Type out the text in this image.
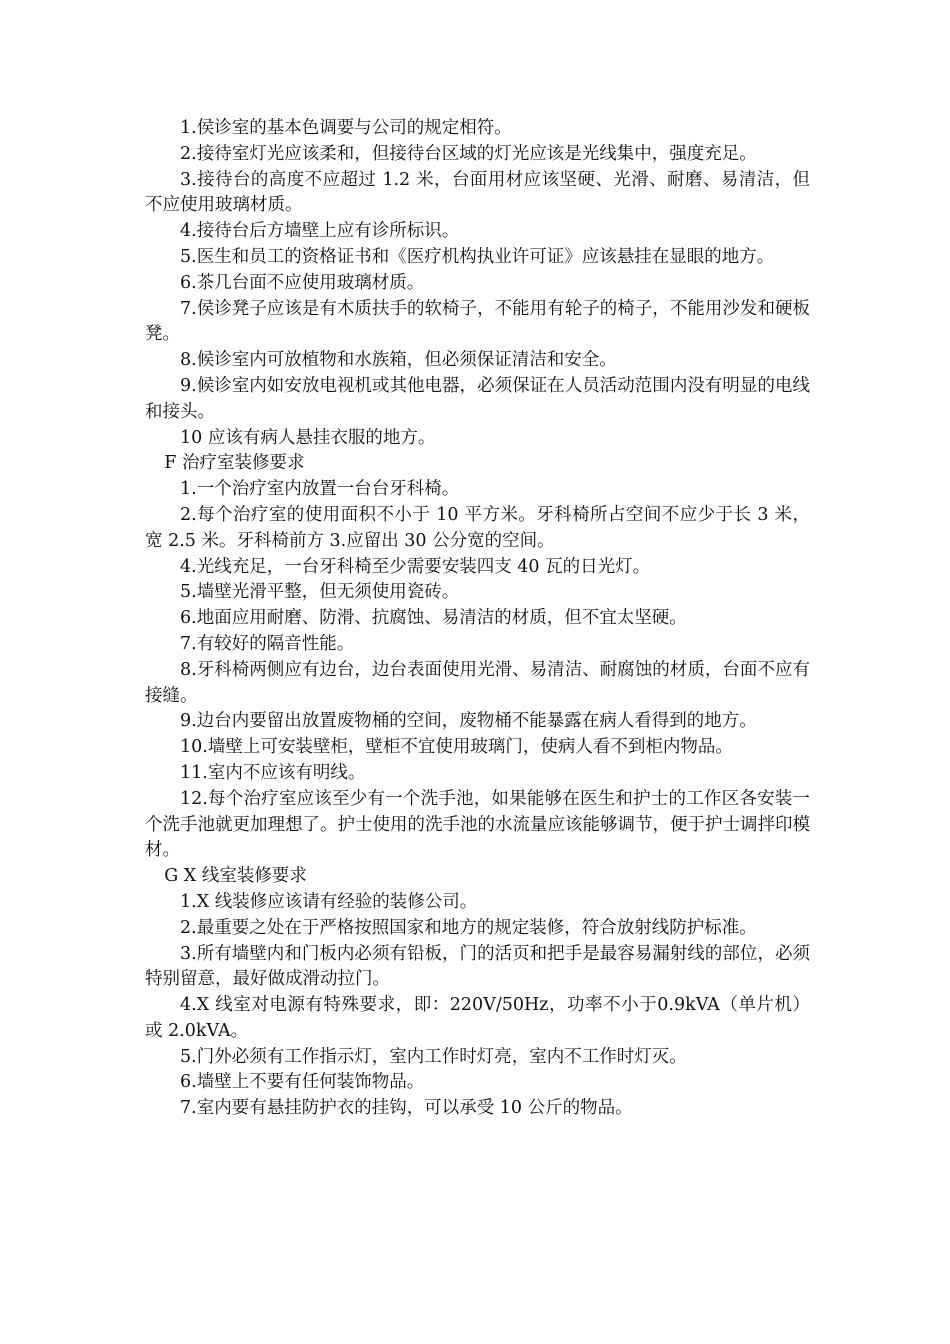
1.侯诊室的基本色调要与公司的规定相符。

2.接待室灯光应该柔和，但接待台区域的灯光应该是光线集中，强度充足。

3.接待台的高度不应超过 1.2 米，台面用材应该坚硬、光滑、耐磨、易清洁，但不应使用玻璃材质。

4.接待台后方墙壁上应有诊所标识。

5.医生和员工的资格证书和《医疗机构执业许可证》应该悬挂在显眼的地方。

6.茶几台面不应使用玻璃材质。

7.侯诊凳子应该是有木质扶手的软椅子，不能用有轮子的椅子，不能用沙发和硬板凳。

8.候诊室内可放植物和水族箱，但必须保证清洁和安全。

9.候诊室内如安放电视机或其他电器，必须保证在人员活动范围内没有明显的电线和接头。

10 应该有病人悬挂衣服的地方。

F 治疗室装修要求

1.一个治疗室内放置一台台牙科椅。

2.每个治疗室的使用面积不小于 10 平方米。牙科椅所占空间不应少于长 3 米，宽 2.5 米。牙科椅前方 3.应留出 30 公分宽的空间。

4.光线充足，一台牙科椅至少需要安装四支 40 瓦的日光灯。

5.墙壁光滑平整，但无须使用瓷砖。

6.地面应用耐磨、防滑、抗腐蚀、易清洁的材质，但不宜太坚硬。

7.有较好的隔音性能。

8.牙科椅两侧应有边台，边台表面使用光滑、易清洁、耐腐蚀的材质，台面不应有接缝。

9.边台内要留出放置废物桶的空间，废物桶不能暴露在病人看得到的地方。

10.墙壁上可安装壁柜，壁柜不宜使用玻璃门，使病人看不到柜内物品。

11.室内不应该有明线。

12.每个治疗室应该至少有一个洗手池，如果能够在医生和护士的工作区各安装一个洗手池就更加理想了。护士使用的洗手池的水流量应该能够调节，便于护士调拌印模材。

G X 线室装修要求

1.X 线装修应该请有经验的装修公司。

2.最重要之处在于严格按照国家和地方的规定装修，符合放射线防护标准。

3.所有墙壁内和门板内必须有铅板，门的活页和把手是最容易漏射线的部位，必须特别留意，最好做成滑动拉门。

4.X 线室对电源有特殊要求，即：220V/50Hz，功率不小于0.9kVA（单片机）或 2.0kVA。

5.门外必须有工作指示灯，室内工作时灯亮，室内不工作时灯灭。

6.墙壁上不要有任何装饰物品。

7.室内要有悬挂防护衣的挂钩，可以承受 10 公斤的物品。
